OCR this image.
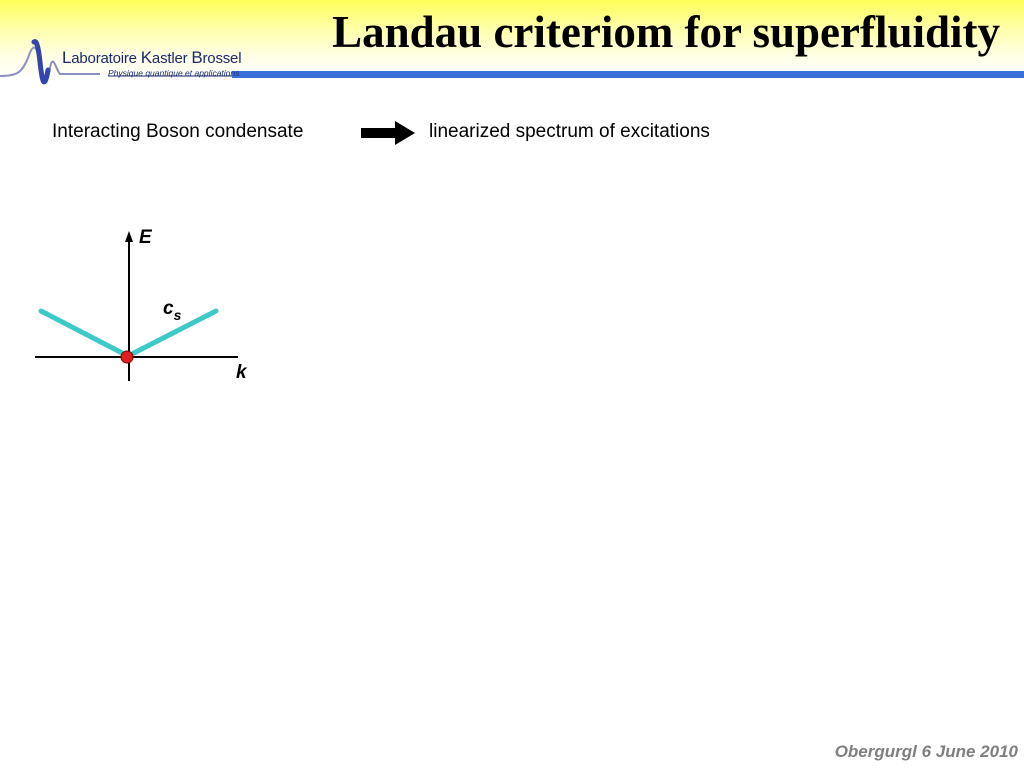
Laboratoire Kastler Brossel
Physique quantique et applications
Landau criteriom for superfluidity
Interacting Boson condensate	linearized spectrum of excitations
E
k
$c_s$
Obergurgl 6 June 2010
